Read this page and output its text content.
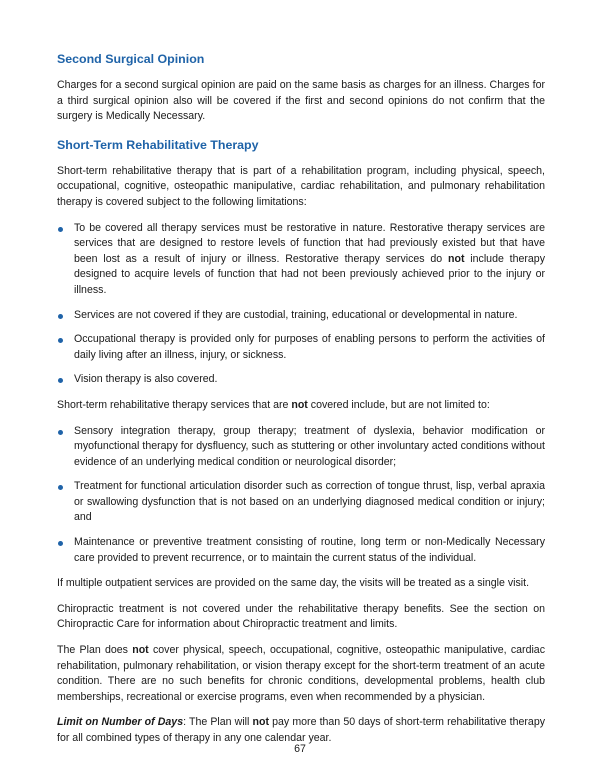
Second Surgical Opinion

Charges for a second surgical opinion are paid on the same basis as charges for an illness. Charges for a third surgical opinion also will be covered if the first and second opinions do not confirm that the surgery is Medically Necessary.

Short-Term Rehabilitative Therapy

Short-term rehabilitative therapy that is part of a rehabilitation program, including physical, speech, occupational, cognitive, osteopathic manipulative, cardiac rehabilitation, and pulmonary rehabilitation therapy is covered subject to the following limitations:

To be covered all therapy services must be restorative in nature. Restorative therapy services are services that are designed to restore levels of function that had previously existed but that have been lost as a result of injury or illness. Restorative therapy services do not include therapy designed to acquire levels of function that had not been previously achieved prior to the injury or illness.
Services are not covered if they are custodial, training, educational or developmental in nature.
Occupational therapy is provided only for purposes of enabling persons to perform the activities of daily living after an illness, injury, or sickness.
Vision therapy is also covered.

Short-term rehabilitative therapy services that are not covered include, but are not limited to:

Sensory integration therapy, group therapy; treatment of dyslexia, behavior modification or myofunctional therapy for dysfluency, such as stuttering or other involuntary acted conditions without evidence of an underlying medical condition or neurological disorder;
Treatment for functional articulation disorder such as correction of tongue thrust, lisp, verbal apraxia or swallowing dysfunction that is not based on an underlying diagnosed medical condition or injury; and
Maintenance or preventive treatment consisting of routine, long term or non-Medically Necessary care provided to prevent recurrence, or to maintain the current status of the individual.

If multiple outpatient services are provided on the same day, the visits will be treated as a single visit.

Chiropractic treatment is not covered under the rehabilitative therapy benefits. See the section on Chiropractic Care for information about Chiropractic treatment and limits.

The Plan does not cover physical, speech, occupational, cognitive, osteopathic manipulative, cardiac rehabilitation, pulmonary rehabilitation, or vision therapy except for the short-term treatment of an acute condition. There are no such benefits for chronic conditions, developmental problems, health club memberships, recreational or exercise programs, even when recommended by a physician.

Limit on Number of Days: The Plan will not pay more than 50 days of short-term rehabilitative therapy for all combined types of therapy in any one calendar year.

67
